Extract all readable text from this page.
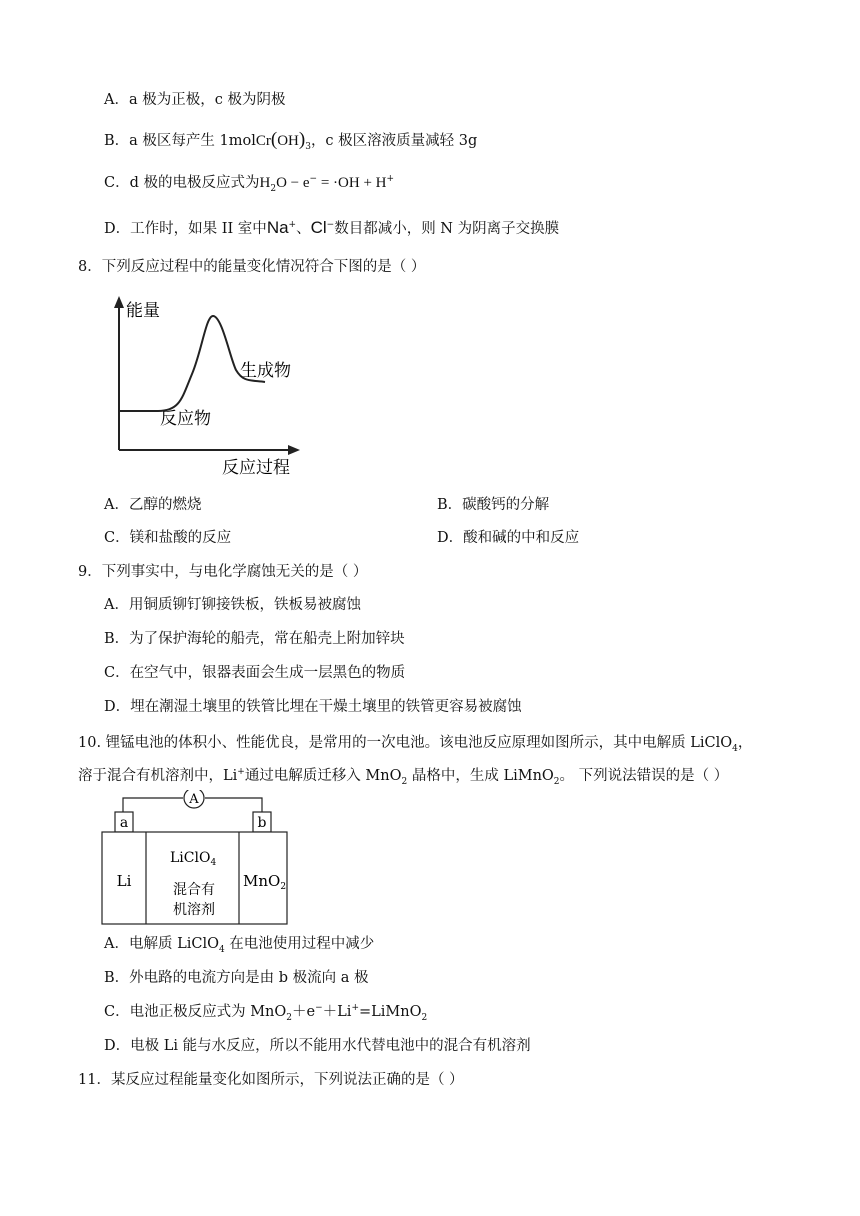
A．a 极为正极，c 极为阴极
B．a 极区每产生 $1molCr(OH)_3$，c 极区溶液质量减轻 3g
C．d 极的电极反应式为$H_2O - e^- = \cdot OH + H^+$
D．工作时，如果 II 室中Na+、Cl−数目都减小，则 N 为阴离子交换膜
8．下列反应过程中的能量变化情况符合下图的是（ ）
能量
生成物
反应物
反应过程
A．乙醇的燃烧	B．碳酸钙的分解
C．镁和盐酸的反应	D．酸和碱的中和反应
9．下列事实中，与电化学腐蚀无关的是（ ）
A．用铜质铆钉铆接铁板，铁板易被腐蚀
B．为了保护海轮的船壳，常在船壳上附加锌块
C．在空气中，银器表面会生成一层黑色的物质
D．埋在潮湿土壤里的铁管比埋在干燥土壤里的铁管更容易被腐蚀
10. 锂锰电池的体积小、性能优良，是常用的一次电池。该电池反应原理如图所示，其中电解质 LiClO$_4$，
溶于混合有机溶剂中，Li+通过电解质迁移入 MnO$_2$ 晶格中，生成 LiMnO$_2$。 下列说法错误的是（ ）
A
a	b
Li
LiClO$_4$
混合有
机溶剂
MnO$_2$
A．电解质 LiClO$_4$ 在电池使用过程中减少
B．外电路的电流方向是由 b 极流向 a 极
C．电池正极反应式为 MnO$_2$＋e−＋Li+=LiMnO$_2$
D．电极 Li 能与水反应，所以不能用水代替电池中的混合有机溶剂
11．某反应过程能量变化如图所示，下列说法正确的是（ ）
